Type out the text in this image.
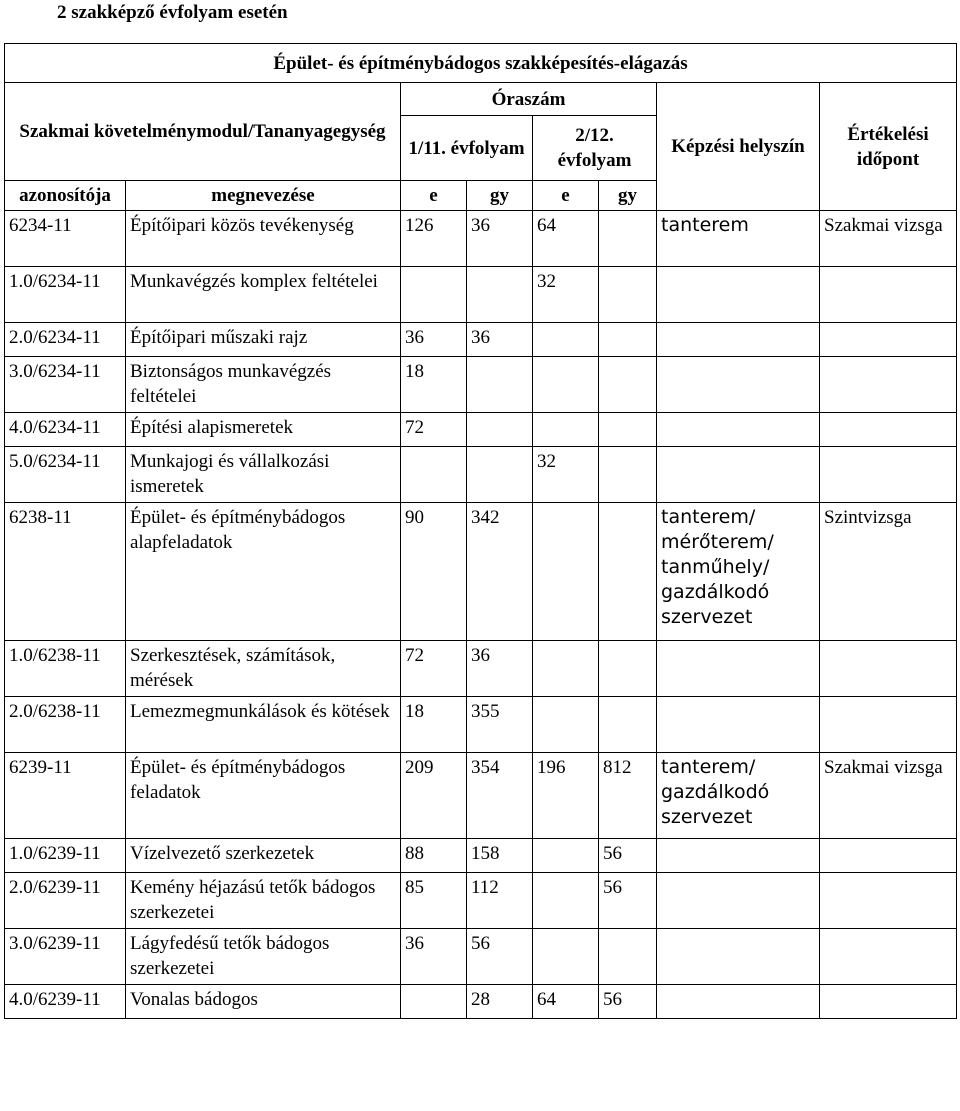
2 szakképző évfolyam esetén
Épület- és építménybádogos szakképesítés-elágazás							
Szakmai követelménymodul/Tananyagegység		Óraszám				Képzési helyszín	Értékelési időpont
		1/11. évfolyam		2/12. évfolyam			
azonosítója	megnevezése	e	gy	e	gy		
6234-11	Építőipari közös tevékenység	126	36	64		tanterem	Szakmai vizsga
1.0/6234-11	Munkavégzés komplex feltételei			32			
2.0/6234-11	Építőipari műszaki rajz	36	36				
3.0/6234-11	Biztonságos munkavégzés feltételei	18					
4.0/6234-11	Építési alapismeretek	72					
5.0/6234-11	Munkajogi és vállalkozási ismeretek			32			
6238-11	Épület- és építménybádogos alapfeladatok	90	342			tanterem/ mérőterem/ tanműhely/ gazdálkodó szervezet	Szintvizsga
1.0/6238-11	Szerkesztések, számítások, mérések	72	36				
2.0/6238-11	Lemezmegmunkálások és kötések	18	355				
6239-11	Épület- és építménybádogos feladatok	209	354	196	812	tanterem/ gazdálkodó szervezet	Szakmai vizsga
1.0/6239-11	Vízelvezető szerkezetek	88	158		56		
2.0/6239-11	Kemény héjazású tetők bádogos szerkezetei	85	112		56		
3.0/6239-11	Lágyfedésű tetők bádogos szerkezetei	36	56				
4.0/6239-11	Vonalas bádogos		28	64	56		
